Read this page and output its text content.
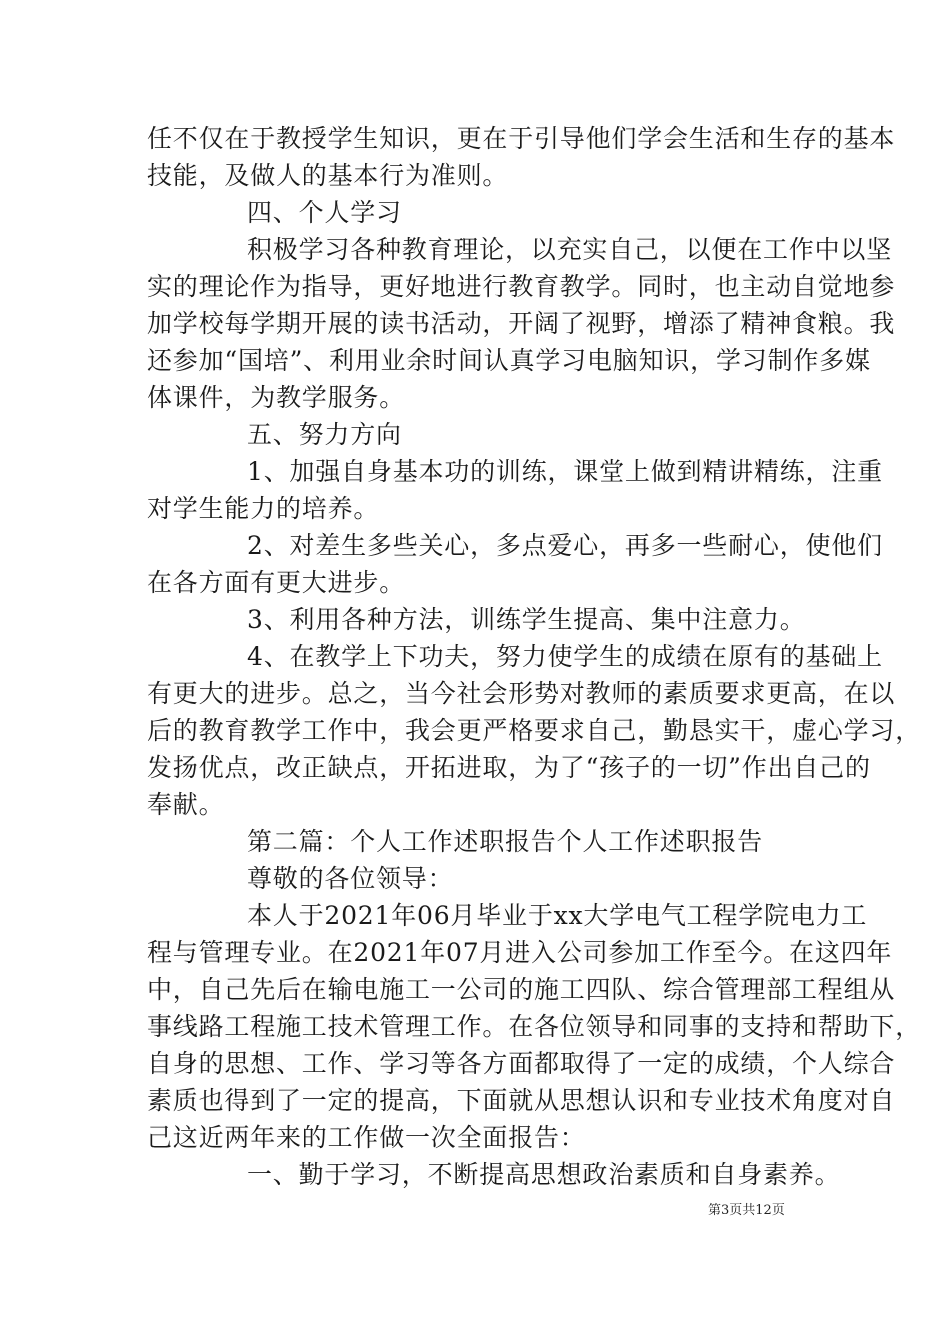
任不仅在于教授学生知识，更在于引导他们学会生活和生存的基本
技能，及做人的基本行为准则。
四、个人学习
积极学习各种教育理论，以充实自己，以便在工作中以坚
实的理论作为指导，更好地进行教育教学。同时，也主动自觉地参
加学校每学期开展的读书活动，开阔了视野，增添了精神食粮。我
还参加“国培”、利用业余时间认真学习电脑知识，学习制作多媒
体课件，为教学服务。
五、努力方向
1、加强自身基本功的训练，课堂上做到精讲精练，注重
对学生能力的培养。
2、对差生多些关心，多点爱心，再多一些耐心，使他们
在各方面有更大进步。
3、利用各种方法，训练学生提高、集中注意力。
4、在教学上下功夫，努力使学生的成绩在原有的基础上
有更大的进步。总之，当今社会形势对教师的素质要求更高，在以
后的教育教学工作中，我会更严格要求自己，勤恳实干，虚心学习，
发扬优点，改正缺点，开拓进取，为了“孩子的一切”作出自己的
奉献。
第二篇：个人工作述职报告个人工作述职报告
尊敬的各位领导：
本人于2021年06月毕业于xx大学电气工程学院电力工
程与管理专业。在2021年07月进入公司参加工作至今。在这四年
中，自己先后在输电施工一公司的施工四队、综合管理部工程组从
事线路工程施工技术管理工作。在各位领导和同事的支持和帮助下，
自身的思想、工作、学习等各方面都取得了一定的成绩，个人综合
素质也得到了一定的提高，下面就从思想认识和专业技术角度对自
己这近两年来的工作做一次全面报告：
一、勤于学习，不断提高思想政治素质和自身素养。
第3页共12页
